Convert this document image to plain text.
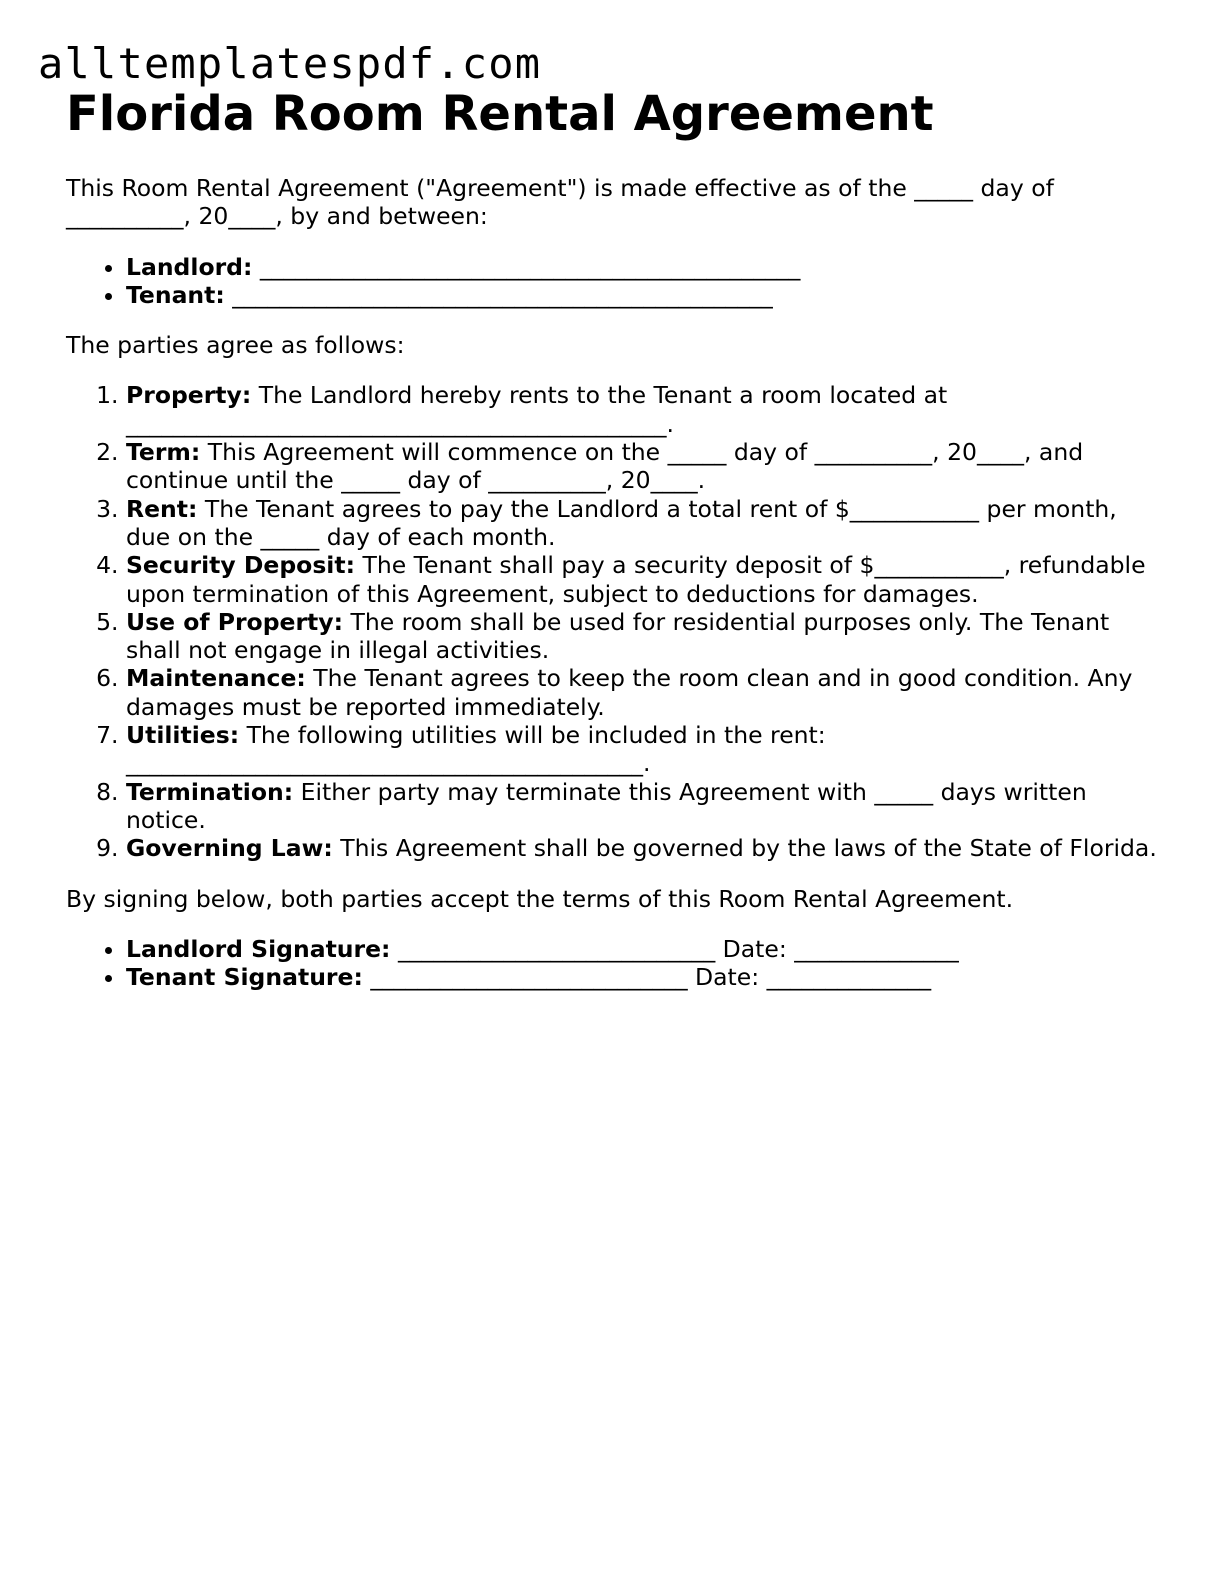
alltemplatespdf.com
Florida Room Rental Agreement

This Room Rental Agreement ("Agreement") is made effective as of the _____ day of __________, 20____, by and between:

• Landlord: ______________________________________________
• Tenant: ______________________________________________

The parties agree as follows:

1. Property: The Landlord hereby rents to the Tenant a room located at ______________________________________________.
2. Term: This Agreement will commence on the _____ day of __________, 20____, and continue until the _____ day of __________, 20____.
3. Rent: The Tenant agrees to pay the Landlord a total rent of $___________ per month, due on the _____ day of each month.
4. Security Deposit: The Tenant shall pay a security deposit of $___________, refundable upon termination of this Agreement, subject to deductions for damages.
5. Use of Property: The room shall be used for residential purposes only. The Tenant shall not engage in illegal activities.
6. Maintenance: The Tenant agrees to keep the room clean and in good condition. Any damages must be reported immediately.
7. Utilities: The following utilities will be included in the rent: ____________________________________________.
8. Termination: Either party may terminate this Agreement with _____ days written notice.
9. Governing Law: This Agreement shall be governed by the laws of the State of Florida.

By signing below, both parties accept the terms of this Room Rental Agreement.

• Landlord Signature: ___________________________ Date: ______________
• Tenant Signature: ___________________________ Date: ______________
